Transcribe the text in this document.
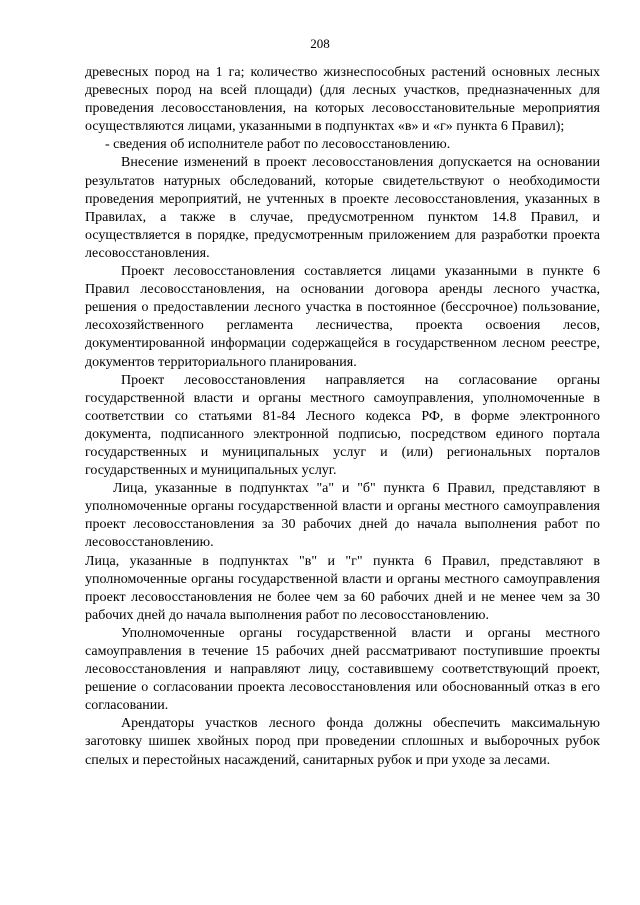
208

древесных пород на 1 га; количество жизнеспособных растений основных лесных древесных пород на всей площади) (для лесных участков, предназначенных для проведения лесовосстановления, на которых лесовосстановительные мероприятия осуществляются лицами, указанными в подпунктах «в» и «г» пункта 6 Правил);

- сведения об исполнителе работ по лесовосстановлению.

Внесение изменений в проект лесовосстановления допускается на основании результатов натурных обследований, которые свидетельствуют о необходимости проведения мероприятий, не учтенных в проекте лесовосстановления, указанных в Правилах, а также в случае, предусмотренном пунктом 14.8 Правил, и осуществляется в порядке, предусмотренным приложением для разработки проекта лесовосстановления.

Проект лесовосстановления составляется лицами указанными в пункте 6 Правил лесовосстановления, на основании договора аренды лесного участка, решения о предоставлении лесного участка в постоянное (бессрочное) пользование, лесохозяйственного регламента лесничества, проекта освоения лесов, документированной информации содержащейся в государственном лесном реестре, документов территориального планирования.

Проект лесовосстановления направляется на согласование органы государственной власти и органы местного самоуправления, уполномоченные в соответствии со статьями 81-84 Лесного кодекса РФ, в форме электронного документа, подписанного электронной подписью, посредством единого портала государственных и муниципальных услуг и (или) региональных порталов государственных и муниципальных услуг.

Лица, указанные в подпунктах "а" и "б" пункта 6 Правил, представляют в уполномоченные органы государственной власти и органы местного самоуправления проект лесовосстановления за 30 рабочих дней до начала выполнения работ по лесовосстановлению.

Лица, указанные в подпунктах "в" и "г" пункта 6 Правил, представляют в уполномоченные органы государственной власти и органы местного самоуправления проект лесовосстановления не более чем за 60 рабочих дней и не менее чем за 30 рабочих дней до начала выполнения работ по лесовосстановлению.

Уполномоченные органы государственной власти и органы местного самоуправления в течение 15 рабочих дней рассматривают поступившие проекты лесовосстановления и направляют лицу, составившему соответствующий проект, решение о согласовании проекта лесовосстановления или обоснованный отказ в его согласовании.

Арендаторы участков лесного фонда должны обеспечить максимальную заготовку шишек хвойных пород при проведении сплошных и выборочных рубок спелых и перестойных насаждений, санитарных рубок и при уходе за лесами.
